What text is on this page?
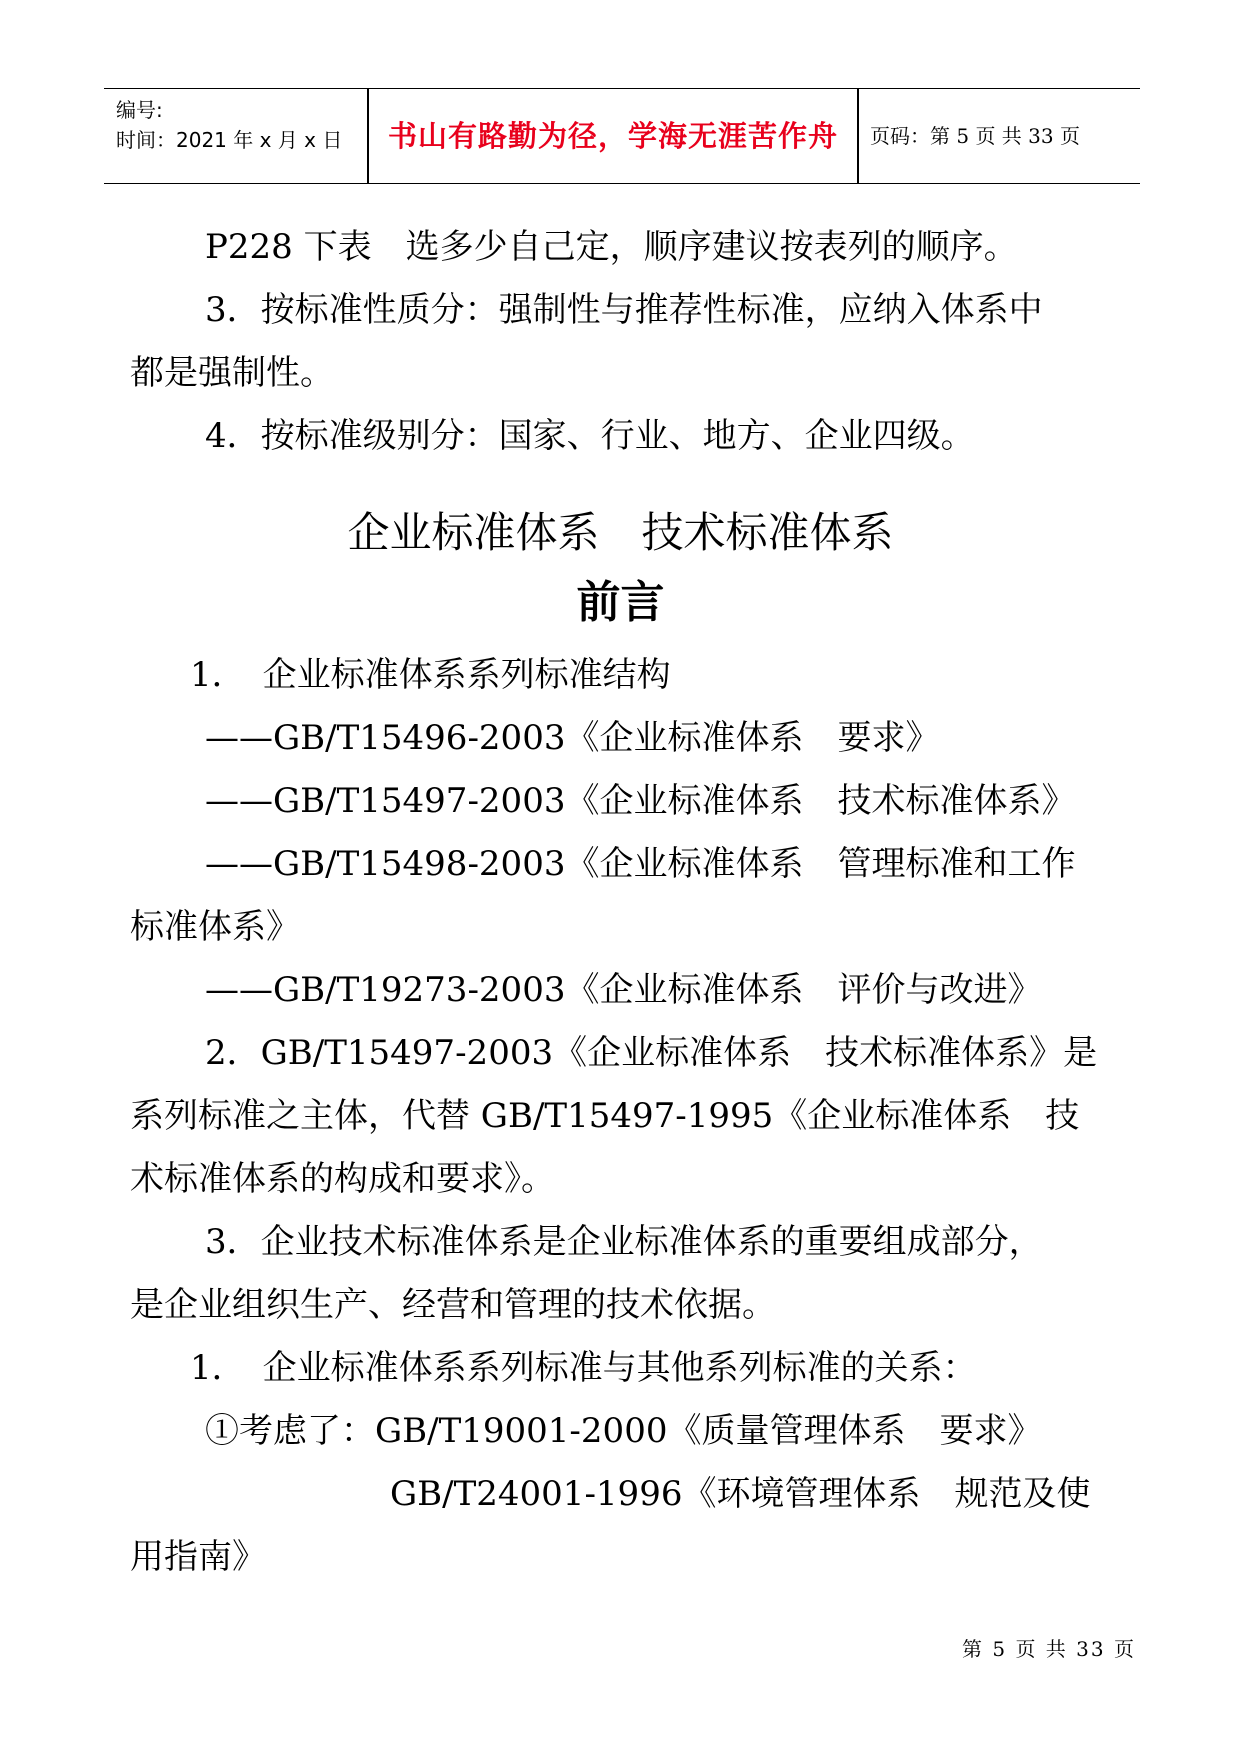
编号:
时间：2021 年 x 月 x 日	书山有路勤为径，学海无涯苦作舟	页码：第 5 页 共 33 页
P228 下表　选多少自己定，顺序建议按表列的顺序。
3．按标准性质分：强制性与推荐性标准，应纳入体系中
都是强制性。
4．按标准级别分：国家、行业、地方、企业四级。
企业标准体系　技术标准体系
前言
1．　企业标准体系系列标准结构
——GB/T15496-2003《企业标准体系　要求》
——GB/T15497-2003《企业标准体系　技术标准体系》
——GB/T15498-2003《企业标准体系　管理标准和工作
标准体系》
——GB/T19273-2003《企业标准体系　评价与改进》
2．GB/T15497-2003《企业标准体系　技术标准体系》是
系列标准之主体，代替 GB/T15497-1995《企业标准体系　技
术标准体系的构成和要求》。
3．企业技术标准体系是企业标准体系的重要组成部分，
是企业组织生产、经营和管理的技术依据。
1．　企业标准体系系列标准与其他系列标准的关系：
①考虑了：GB/T19001-2000《质量管理体系　要求》
GB/T24001-1996《环境管理体系　规范及使
用指南》
第 5 页 共 33 页
